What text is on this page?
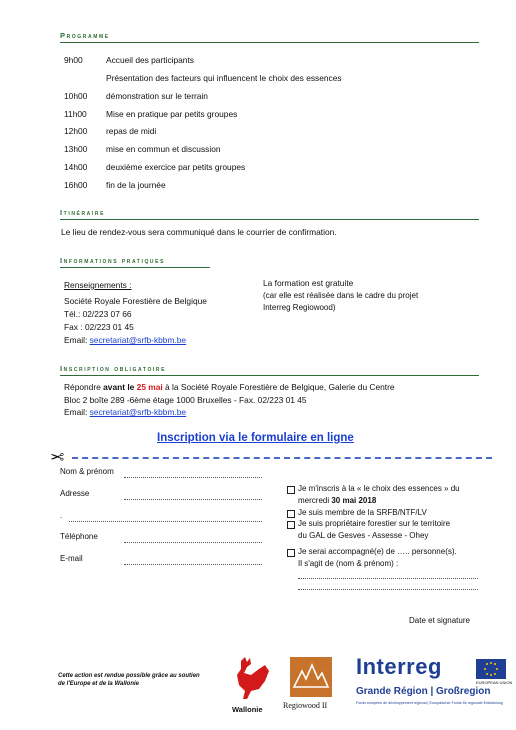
Programme
9h00	Accueil des participants
Présentation des facteurs qui influencent le choix des essences
10h00 démonstration sur le terrain
11h00 Mise en pratique par petits groupes
12h00 repas de midi
13h00 mise en commun et discussion
14h00 deuxième exercice par petits groupes
16h00 fin de la journée
Itinéraire
Le lieu de rendez-vous sera communiqué dans le courrier de confirmation.
Informations pratiques
Renseignements :
Société Royale Forestière de Belgique
Tél.: 02/223 07 66
Fax : 02/223 01 45
Email: secretariat@srfb-kbbm.be
La formation est gratuite
(car elle est réalisée dans le cadre du projet
Interreg Regiowood)
Inscription obligatoire
Répondre avant le 25 mai à la Société Royale Forestière de Belgique, Galerie du Centre
Bloc 2 boîte 289 -6ème étage 1000 Bruxelles - Fax. 02/223 01 45
Email: secretariat@srfb-kbbm.be
Inscription via le formulaire en ligne
✂
Nom & prénom
Adresse
.
Téléphone
E-mail
Je m'inscris à la « le choix des essences » du
mercredi 30 mai 2018
Je suis membre de la SRFB/NTF/LV
Je suis propriétaire forestier sur le territoire
du GAL de Gesves - Assesse - Ohey
Je serai accompagné(e) de ….. personne(s).
Il s'agit de (nom & prénom) :
Date et signature
Cette action est rendue possible grâce au soutien
de l'Europe et de la Wallonie
Wallonie	Regiowood II
Interreg
EUROPEAN UNION
Grande Région | Großregion
Fonds européen de développement régional | Europäischer Fonds für regionale Entwicklung
